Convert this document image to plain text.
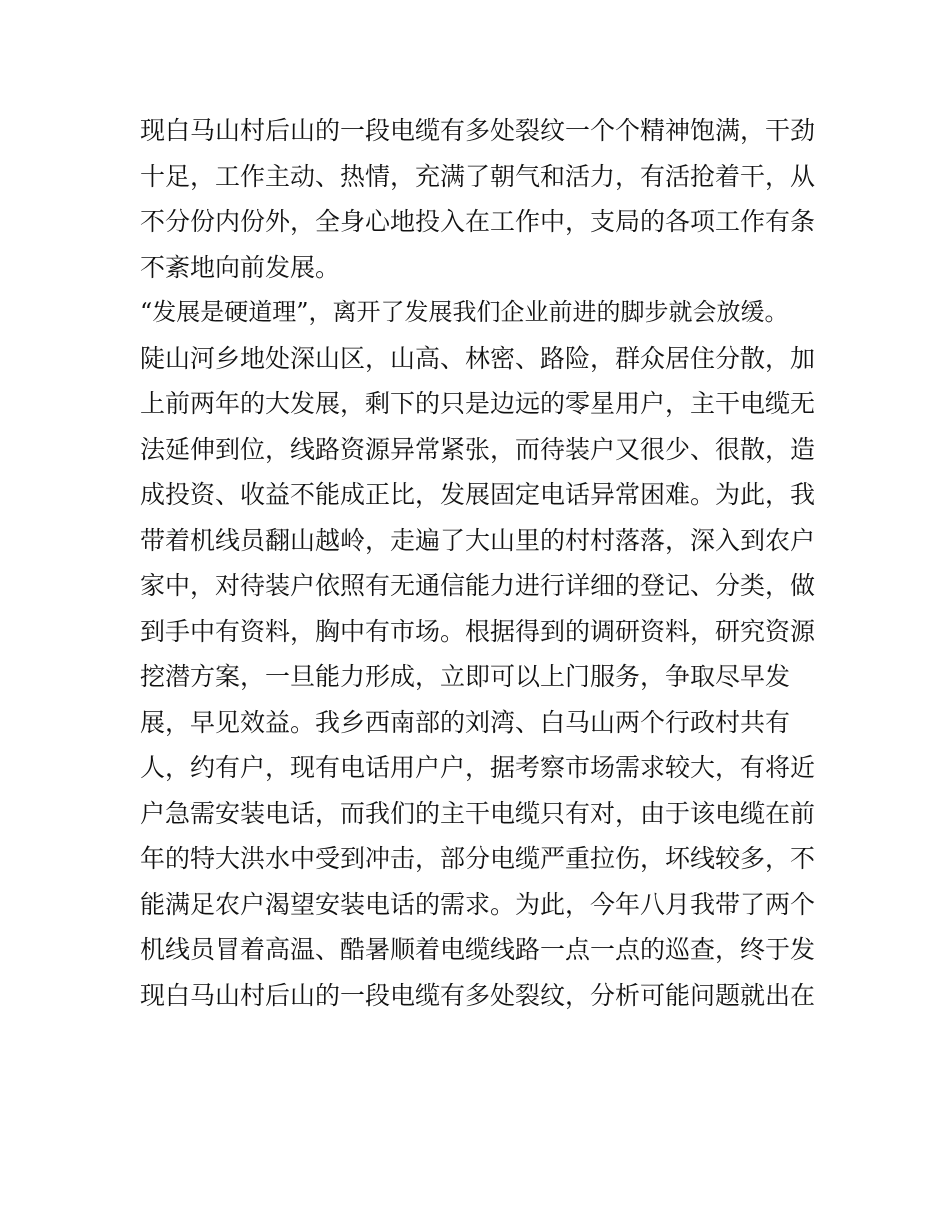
现白马山村后山的一段电缆有多处裂纹一个个精神饱满，干劲
十足，工作主动、热情，充满了朝气和活力，有活抢着干，从
不分份内份外，全身心地投入在工作中，支局的各项工作有条
不紊地向前发展。
“发展是硬道理”，离开了发展我们企业前进的脚步就会放缓。
陡山河乡地处深山区，山高、林密、路险，群众居住分散，加
上前两年的大发展，剩下的只是边远的零星用户，主干电缆无
法延伸到位，线路资源异常紧张，而待装户又很少、很散，造
成投资、收益不能成正比，发展固定电话异常困难。为此，我
带着机线员翻山越岭，走遍了大山里的村村落落，深入到农户
家中，对待装户依照有无通信能力进行详细的登记、分类，做
到手中有资料，胸中有市场。根据得到的调研资料，研究资源
挖潜方案，一旦能力形成，立即可以上门服务，争取尽早发
展，早见效益。我乡西南部的刘湾、白马山两个行政村共有
人，约有户，现有电话用户户，据考察市场需求较大，有将近
户急需安装电话，而我们的主干电缆只有对，由于该电缆在前
年的特大洪水中受到冲击，部分电缆严重拉伤，坏线较多，不
能满足农户渴望安装电话的需求。为此，今年八月我带了两个
机线员冒着高温、酷暑顺着电缆线路一点一点的巡查，终于发
现白马山村后山的一段电缆有多处裂纹，分析可能问题就出在
